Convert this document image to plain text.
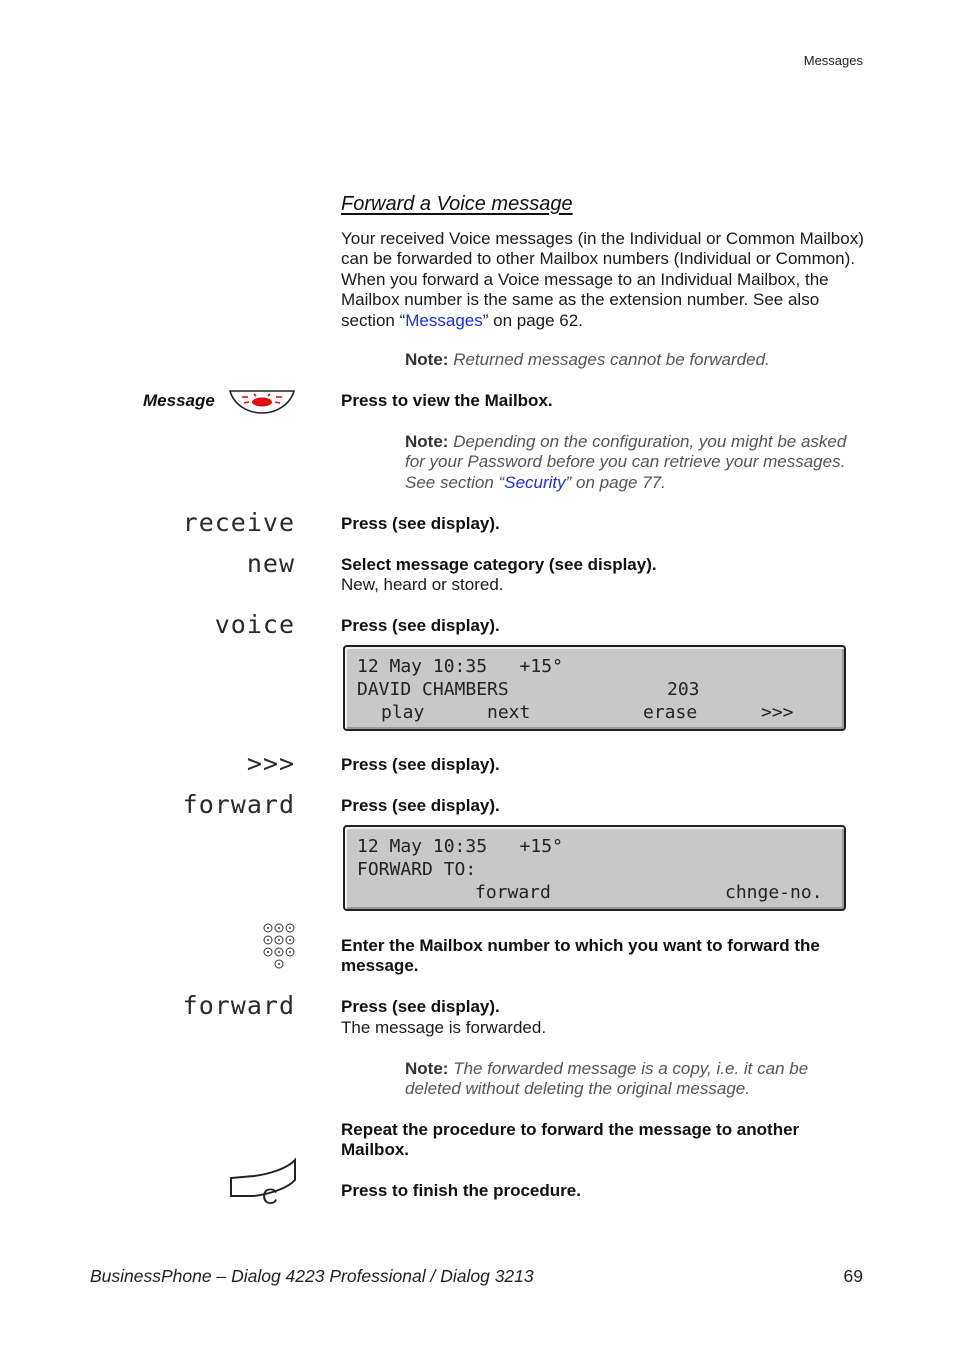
Messages
Forward a Voice message
Your received Voice messages (in the Individual or Common Mailbox) can be forwarded to other Mailbox numbers (Individual or Common). When you forward a Voice message to an Individual Mailbox, the Mailbox number is the same as the extension number. See also section “Messages” on page 62.
Note: Returned messages cannot be forwarded.
Message	Press to view the Mailbox.
Note: Depending on the configuration, you might be asked for your Password before you can retrieve your messages. See section “Security” on page 77.
receive	Press (see display).
new	Select message category (see display).
New, heard or stored.
voice	Press (see display).
12 May 10:35   +15°
DAVID CHAMBERS	203
play	next	erase	>>>
>>>	Press (see display).
forward	Press (see display).
12 May 10:35   +15°
FORWARD TO:
forward	chnge-no.
Enter the Mailbox number to which you want to forward the message.
forward	Press (see display).
The message is forwarded.
Note: The forwarded message is a copy, i.e. it can be deleted without deleting the original message.
Repeat the procedure to forward the message to another Mailbox.
C	Press to finish the procedure.
BusinessPhone – Dialog 4223 Professional / Dialog 3213	69
